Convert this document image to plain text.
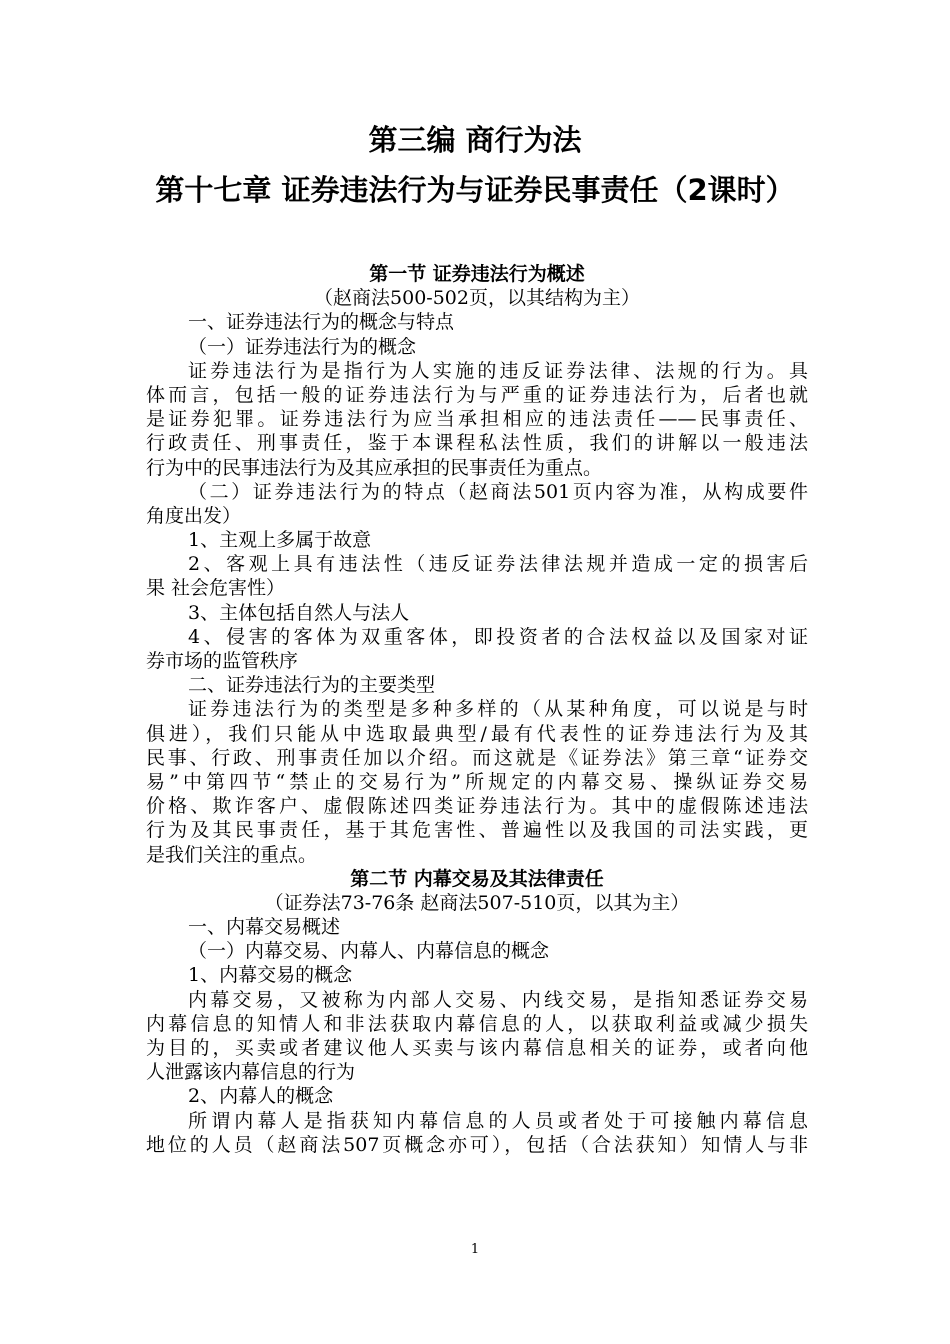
第三编 商行为法
第十七章 证券违法行为与证券民事责任（2课时）
第一节 证券违法行为概述
（赵商法500-502页，以其结构为主）
一、证券违法行为的概念与特点
（一）证券违法行为的概念
证券违法行为是指行为人实施的违反证券法律、法规的行为。具
体而言，包括一般的证券违法行为与严重的证券违法行为，后者也就
是证券犯罪。证券违法行为应当承担相应的违法责任——民事责任、
行政责任、刑事责任，鉴于本课程私法性质，我们的讲解以一般违法
行为中的民事违法行为及其应承担的民事责任为重点。
（二）证券违法行为的特点（赵商法501页内容为准，从构成要件
角度出发）
1、主观上多属于故意
2、客观上具有违法性（违反证券法律法规并造成一定的损害后
果 社会危害性）
3、主体包括自然人与法人
4、侵害的客体为双重客体，即投资者的合法权益以及国家对证
券市场的监管秩序
二、证券违法行为的主要类型
证券违法行为的类型是多种多样的（从某种角度，可以说是与时
俱进），我们只能从中选取最典型/最有代表性的证券违法行为及其
民事、行政、刑事责任加以介绍。而这就是《证券法》第三章“证券交
易”中第四节“禁止的交易行为”所规定的内幕交易、操纵证券交易
价格、欺诈客户、虚假陈述四类证券违法行为。其中的虚假陈述违法
行为及其民事责任，基于其危害性、普遍性以及我国的司法实践，更
是我们关注的重点。
第二节 内幕交易及其法律责任
（证券法73-76条 赵商法507-510页，以其为主）
一、内幕交易概述
（一）内幕交易、内幕人、内幕信息的概念
1、内幕交易的概念
内幕交易，又被称为内部人交易、内线交易，是指知悉证券交易
内幕信息的知情人和非法获取内幕信息的人，以获取利益或减少损失
为目的，买卖或者建议他人买卖与该内幕信息相关的证券，或者向他
人泄露该内幕信息的行为
2、内幕人的概念
所谓内幕人是指获知内幕信息的人员或者处于可接触内幕信息
地位的人员（赵商法507页概念亦可），包括（合法获知）知情人与非
1
